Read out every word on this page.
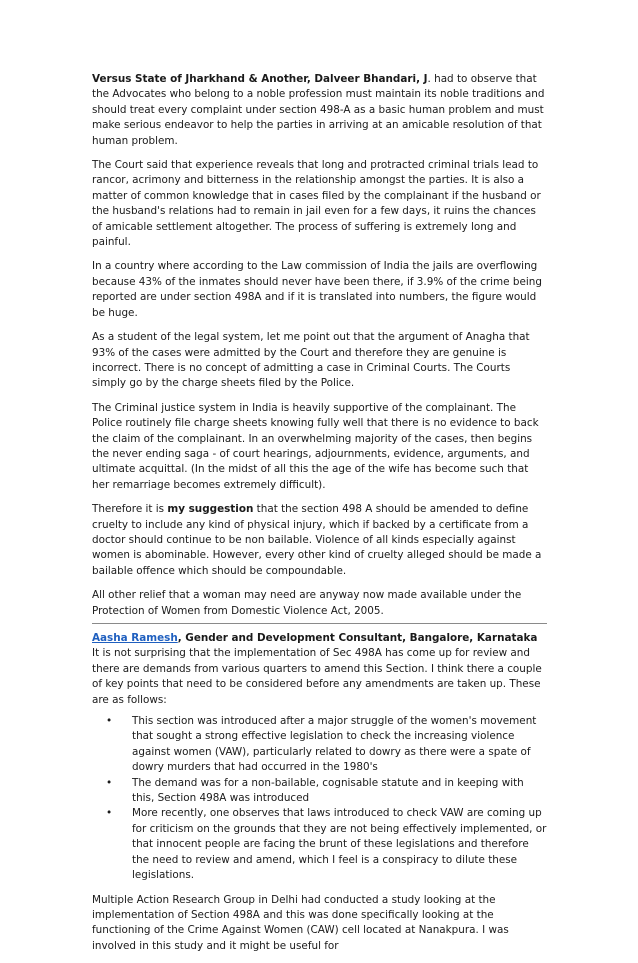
Versus State of Jharkhand & Another, Dalveer Bhandari, J. had to observe that the Advocates who belong to a noble profession must maintain its noble traditions and should treat every complaint under section 498-A as a basic human problem and must make serious endeavor to help the parties in arriving at an amicable resolution of that human problem.

The Court said that experience reveals that long and protracted criminal trials lead to rancor, acrimony and bitterness in the relationship amongst the parties. It is also a matter of common knowledge that in cases filed by the complainant if the husband or the husband's relations had to remain in jail even for a few days, it ruins the chances of amicable settlement altogether. The process of suffering is extremely long and painful.

In a country where according to the Law commission of India the jails are overflowing because 43% of the inmates should never have been there, if 3.9% of the crime being reported are under section 498A and if it is translated into numbers, the figure would be huge.

As a student of the legal system, let me point out that the argument of Anagha that 93% of the cases were admitted by the Court and therefore they are genuine is incorrect. There is no concept of admitting a case in Criminal Courts. The Courts simply go by the charge sheets filed by the Police.

The Criminal justice system in India is heavily supportive of the complainant. The Police routinely file charge sheets knowing fully well that there is no evidence to back the claim of the complainant. In an overwhelming majority of the cases, then begins the never ending saga - of court hearings, adjournments, evidence, arguments, and ultimate acquittal. (In the midst of all this the age of the wife has become such that her remarriage becomes extremely difficult).

Therefore it is my suggestion that the section 498 A should be amended to define cruelty to include any kind of physical injury, which if backed by a certificate from a doctor should continue to be non bailable. Violence of all kinds especially against women is abominable. However, every other kind of cruelty alleged should be made a bailable offence which should be compoundable.

All other relief that a woman may need are anyway now made available under the Protection of Women from Domestic Violence Act, 2005.

Aasha Ramesh, Gender and Development Consultant, Bangalore, Karnataka

It is not surprising that the implementation of Sec 498A has come up for review and there are demands from various quarters to amend this Section. I think there a couple of key points that need to be considered before any amendments are taken up. These are as follows:

• This section was introduced after a major struggle of the women's movement that sought a strong effective legislation to check the increasing violence against women (VAW), particularly related to dowry as there were a spate of dowry murders that had occurred in the 1980's
• The demand was for a non-bailable, cognisable statute and in keeping with this, Section 498A was introduced
• More recently, one observes that laws introduced to check VAW are coming up for criticism on the grounds that they are not being effectively implemented, or that innocent people are facing the brunt of these legislations and therefore the need to review and amend, which I feel is a conspiracy to dilute these legislations.

Multiple Action Research Group in Delhi had conducted a study looking at the implementation of Section 498A and this was done specifically looking at the functioning of the Crime Against Women (CAW) cell located at Nanakpura. I was involved in this study and it might be useful for
